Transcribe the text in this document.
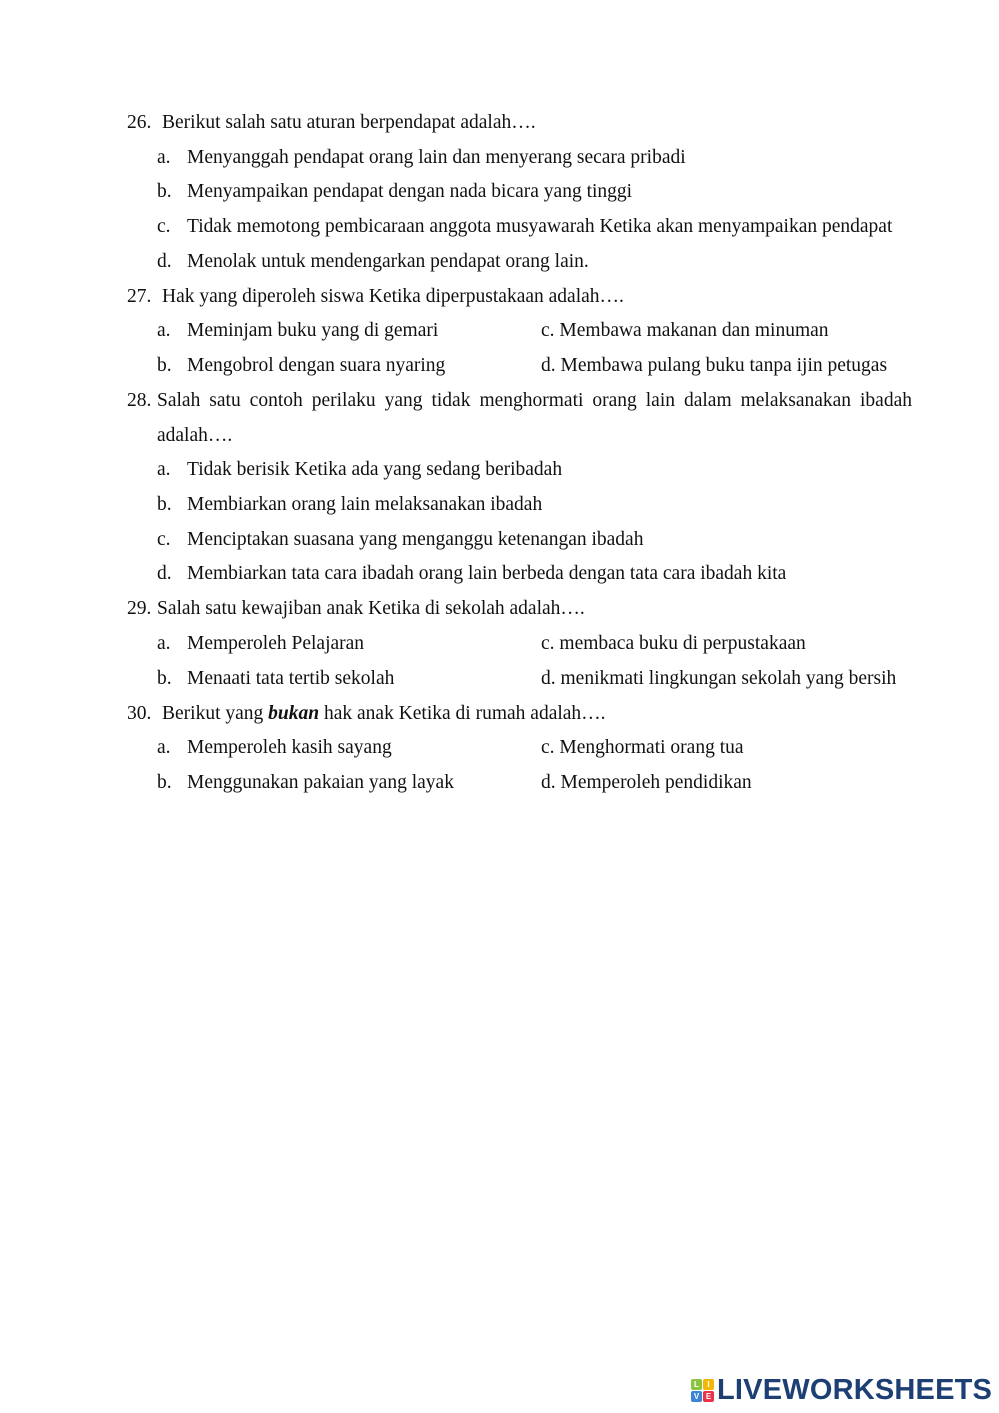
26. Berikut salah satu aturan berpendapat adalah….
a. Menyanggah pendapat orang lain dan menyerang secara pribadi
b. Menyampaikan pendapat dengan nada bicara yang tinggi
c. Tidak memotong pembicaraan anggota musyawarah Ketika akan menyampaikan pendapat
d. Menolak untuk mendengarkan pendapat orang lain.
27. Hak yang diperoleh siswa Ketika diperpustakaan adalah….
a. Meminjam buku yang di gemari	c. Membawa makanan dan minuman
b. Mengobrol dengan suara nyaring	d. Membawa pulang buku tanpa ijin petugas
28. Salah satu contoh perilaku yang tidak menghormati orang lain dalam melaksanakan ibadah
adalah….
a. Tidak berisik Ketika ada yang sedang beribadah
b. Membiarkan orang lain melaksanakan ibadah
c. Menciptakan suasana yang menganggu ketenangan ibadah
d. Membiarkan tata cara ibadah orang lain berbeda dengan tata cara ibadah kita
29. Salah satu kewajiban anak Ketika di sekolah adalah….
a. Memperoleh Pelajaran	c. membaca buku di perpustakaan
b. Menaati tata tertib sekolah	d. menikmati lingkungan sekolah yang bersih
30. Berikut yang bukan hak anak Ketika di rumah adalah….
a. Memperoleh kasih sayang	c. Menghormati orang tua
b. Menggunakan pakaian yang layak	d. Memperoleh pendidikan
L	I
V E LIVEWORKSHEETS
